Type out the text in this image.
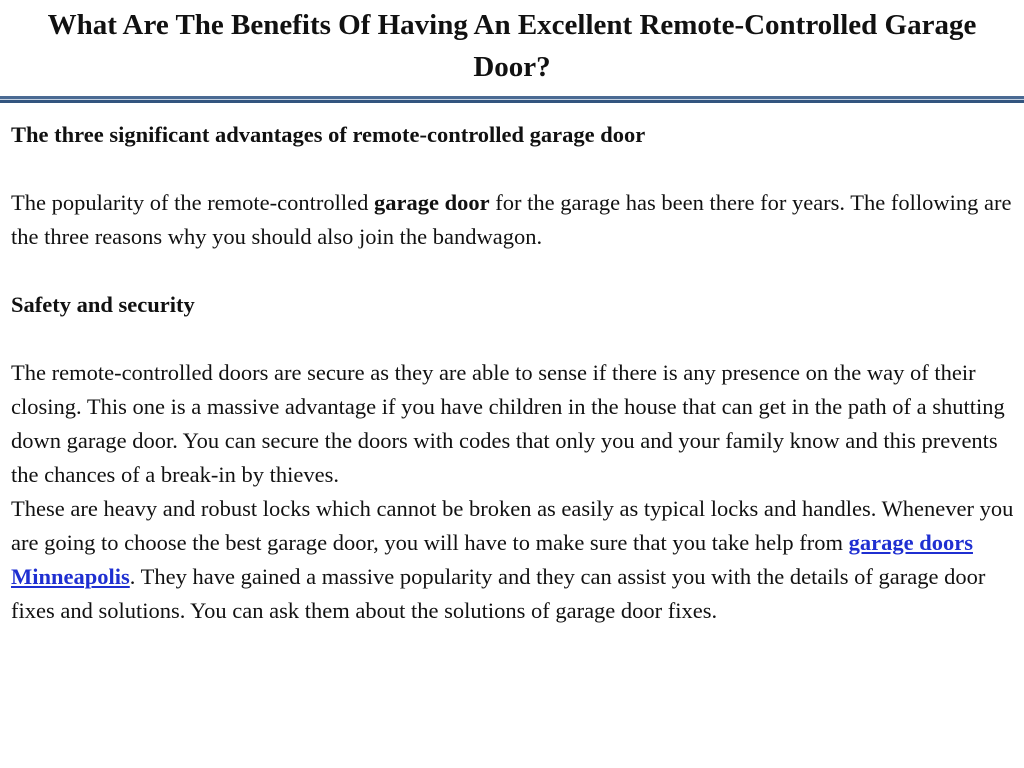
What Are The Benefits Of Having An Excellent Remote-Controlled Garage Door?

The three significant advantages of remote-controlled garage door

The popularity of the remote-controlled garage door for the garage has been there for years. The following are the three reasons why you should also join the bandwagon.

Safety and security

The remote-controlled doors are secure as they are able to sense if there is any presence on the way of their closing. This one is a massive advantage if you have children in the house that can get in the path of a shutting down garage door. You can secure the doors with codes that only you and your family know and this prevents the chances of a break-in by thieves.

These are heavy and robust locks which cannot be broken as easily as typical locks and handles. Whenever you are going to choose the best garage door, you will have to make sure that you take help from garage doors Minneapolis. They have gained a massive popularity and they can assist you with the details of garage door fixes and solutions. You can ask them about the solutions of garage door fixes.
